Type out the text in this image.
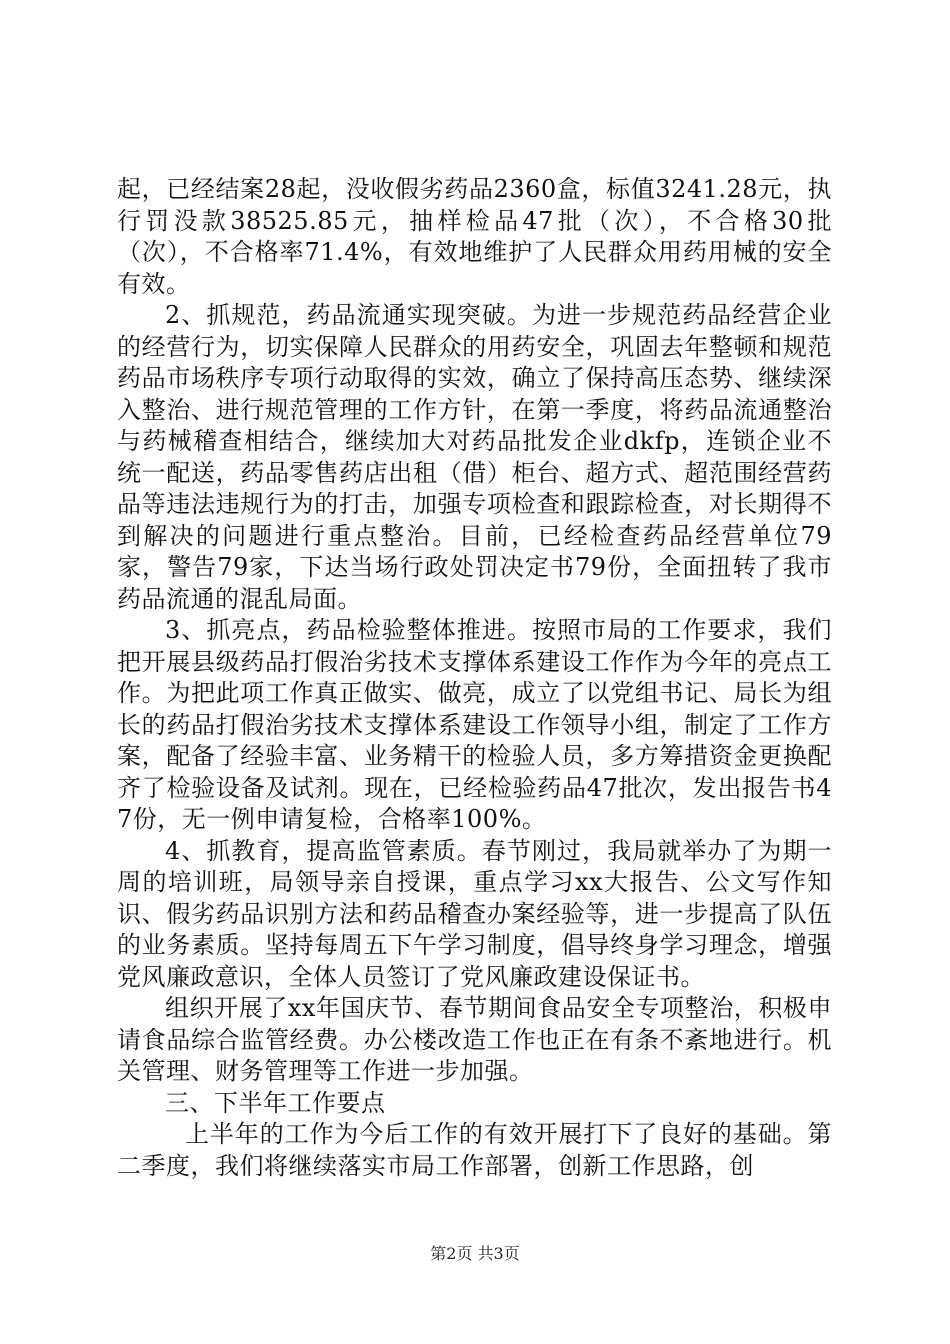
起，已经结案28起，没收假劣药品2360盒，标值3241.28元，执行罚没款38525.85元，抽样检品47批（次），不合格30批（次），不合格率71.4%，有效地维护了人民群众用药用械的安全有效。

2、抓规范，药品流通实现突破。为进一步规范药品经营企业的经营行为，切实保障人民群众的用药安全，巩固去年整顿和规范药品市场秩序专项行动取得的实效，确立了保持高压态势、继续深入整治、进行规范管理的工作方针，在第一季度，将药品流通整治与药械稽查相结合，继续加大对药品批发企业dkfp，连锁企业不统一配送，药品零售药店出租（借）柜台、超方式、超范围经营药品等违法违规行为的打击，加强专项检查和跟踪检查，对长期得不到解决的问题进行重点整治。目前，已经检查药品经营单位79家，警告79家，下达当场行政处罚决定书79份，全面扭转了我市药品流通的混乱局面。

3、抓亮点，药品检验整体推进。按照市局的工作要求，我们把开展县级药品打假治劣技术支撑体系建设工作作为今年的亮点工作。为把此项工作真正做实、做亮，成立了以党组书记、局长为组长的药品打假治劣技术支撑体系建设工作领导小组，制定了工作方案，配备了经验丰富、业务精干的检验人员，多方筹措资金更换配齐了检验设备及试剂。现在，已经检验药品47批次，发出报告书47份，无一例申请复检，合格率100%。

4、抓教育，提高监管素质。春节刚过，我局就举办了为期一周的培训班，局领导亲自授课，重点学习xx大报告、公文写作知识、假劣药品识别方法和药品稽查办案经验等，进一步提高了队伍的业务素质。坚持每周五下午学习制度，倡导终身学习理念，增强党风廉政意识，全体人员签订了党风廉政建设保证书。

组织开展了xx年国庆节、春节期间食品安全专项整治，积极申请食品综合监管经费。办公楼改造工作也正在有条不紊地进行。机关管理、财务管理等工作进一步加强。

三、下半年工作要点

上半年的工作为今后工作的有效开展打下了良好的基础。第二季度，我们将继续落实市局工作部署，创新工作思路，创

第2页 共3页
